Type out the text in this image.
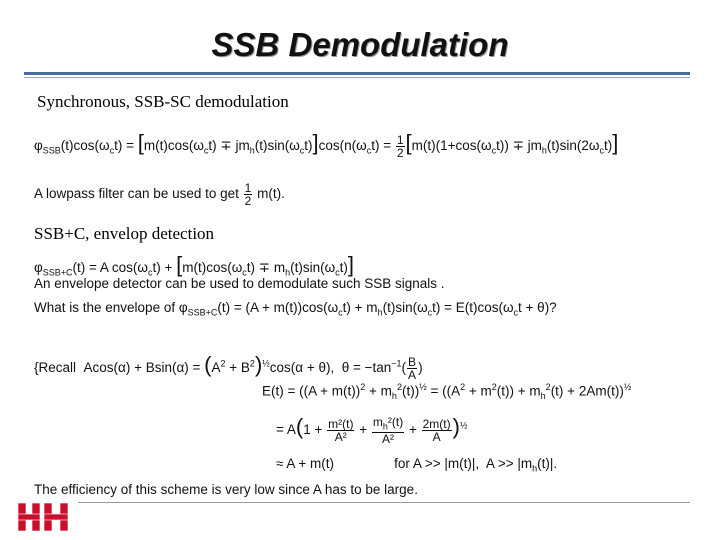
SSB Demodulation
Synchronous, SSB-SC demodulation
$\varphi_{SSB}(t)\cos(\omega_ct) = [m(t)\cos(\omega_ct) \mp jm_h(t)\sin(\omega_ct)]\cos(n(\omega_ct) = \frac{1}{2} [m(t)(1+\cos(\omega_ct)) \mp jm_h(t)\sin(2\omega_ct)]$
A lowpass filter can be used to get $\frac{1}{2} m(t)$.
SSB+C, envelop detection
$\varphi_{SSB+C}(t) = A$ $\cos(\omega_ct) + [m(t)\cos(\omega_ct) \mp m_h(t)\sin(\omega_ct)]$
An envelope detector can be used to demodulate such SSB signals .
What is the envelope of $\varphi_{SSB+C}(t) = (A + m(t))\cos(\omega_ct) + m_h(t)\sin(\omega_ct) = E(t)\cos(\omega_ct + \theta)$?
{Recall  $Acos(\alpha) + Bsin(\alpha) = (A^2 + B^2)^{\frac{1}{2}}\cos(\alpha + \theta)$,  $\theta = -\tan^{-1}( \frac{B}{A}$ )
$E(t) = ((A + m(t))^2 + m_h^2(t))^{\frac{1}{2}} = ((A^2 + m^2(t)) + m_h^2(t) + 2Am(t))^{\frac{1}{2}}$
= $A(1 + \frac{\text{m²(t)}}{\text{A²}} + \frac{m_h^2(t)}{\text{A²}} + \frac{2m(t)}{A} )^{\frac{1}{2}}$
≈ A + m(t)	for A >> |m(t)|,  $A >> |m_h(t)|$.
The efficiency of this scheme is very low since A has to be large.
